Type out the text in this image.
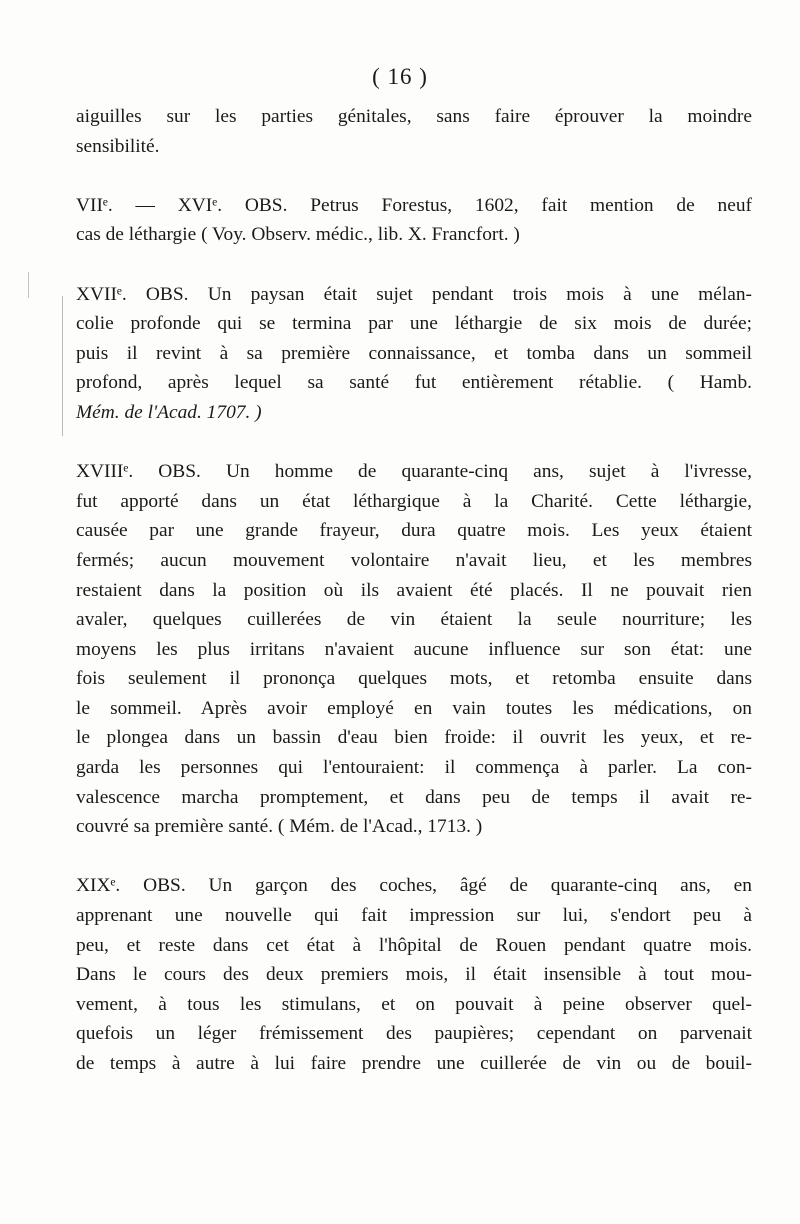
( 16 )
aiguilles sur les parties génitales, sans faire éprouver la moindre
sensibilité.
VIIᵉ. — XVIᵉ. OBS. Petrus Forestus, 1602, fait mention de neuf
cas de léthargie ( Voy. Observ. médic., lib. X. Francfort. )
XVIIᵉ. OBS. Un paysan était sujet pendant trois mois à une mélan-
colie profonde qui se termina par une léthargie de six mois de durée;
puis il revint à sa première connaissance, et tomba dans un sommeil
profond, après lequel sa santé fut entièrement rétablie. ( Hamb.
Mém. de l'Acad. 1707. )
XVIIIᵉ. OBS. Un homme de quarante-cinq ans, sujet à l'ivresse,
fut apporté dans un état léthargique à la Charité. Cette léthargie,
causée par une grande frayeur, dura quatre mois. Les yeux étaient
fermés; aucun mouvement volontaire n'avait lieu, et les membres
restaient dans la position où ils avaient été placés. Il ne pouvait rien
avaler, quelques cuillerées de vin étaient la seule nourriture; les
moyens les plus irritans n'avaient aucune influence sur son état: une
fois seulement il prononça quelques mots, et retomba ensuite dans
le sommeil. Après avoir employé en vain toutes les médications, on
le plongea dans un bassin d'eau bien froide: il ouvrit les yeux, et re-
garda les personnes qui l'entouraient: il commença à parler. La con-
valescence marcha promptement, et dans peu de temps il avait re-
couvré sa première santé. ( Mém. de l'Acad., 1713. )
XIXᵉ. OBS. Un garçon des coches, âgé de quarante-cinq ans, en
apprenant une nouvelle qui fait impression sur lui, s'endort peu à
peu, et reste dans cet état à l'hôpital de Rouen pendant quatre mois.
Dans le cours des deux premiers mois, il était insensible à tout mou-
vement, à tous les stimulans, et on pouvait à peine observer quel-
quefois un léger frémissement des paupières; cependant on parvenait
de temps à autre à lui faire prendre une cuillerée de vin ou de bouil-
